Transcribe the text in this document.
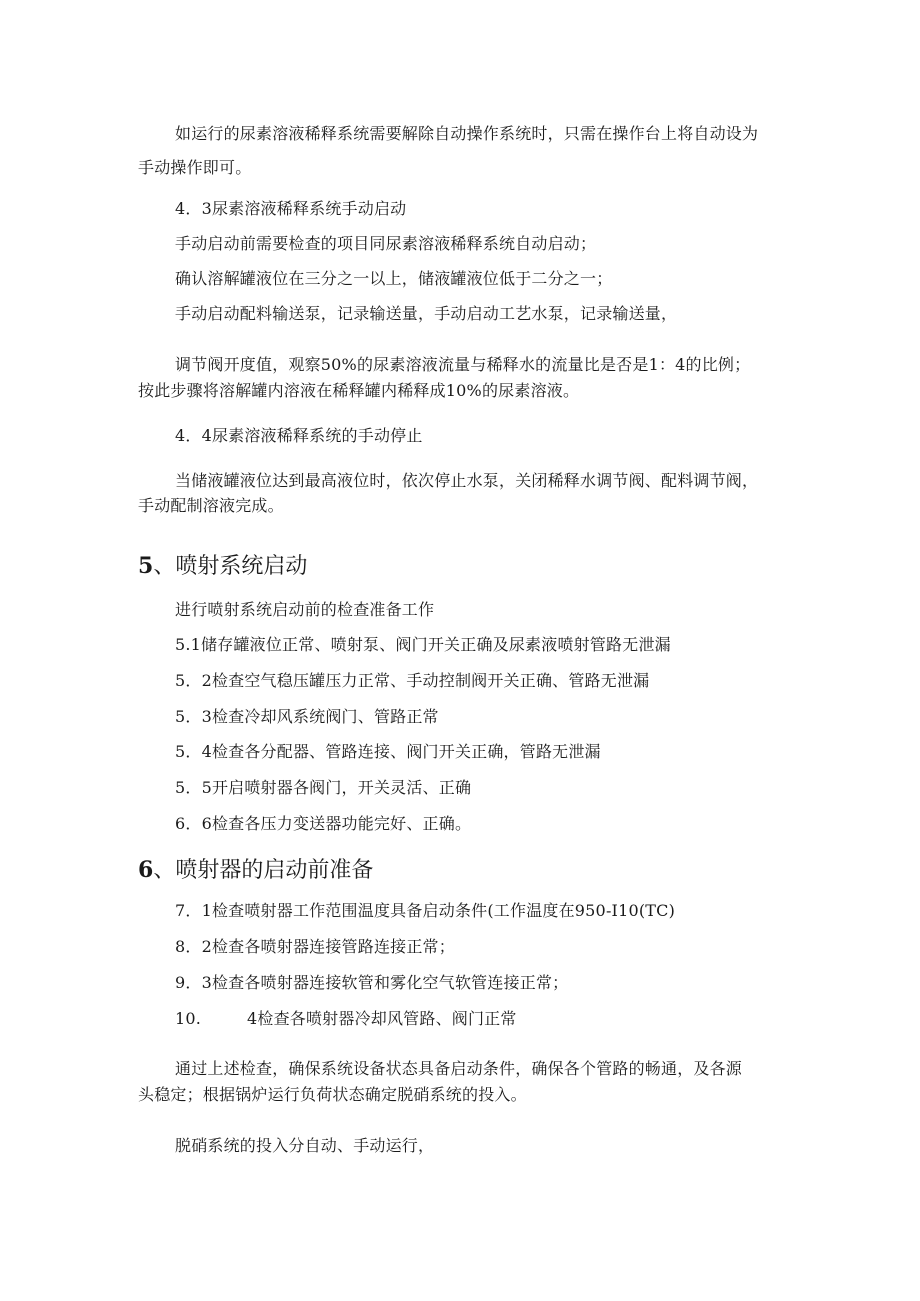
如运行的尿素溶液稀释系统需要解除自动操作系统时，只需在操作台上将自动设为
手动操作即可。
4．3尿素溶液稀释系统手动启动
手动启动前需要检查的项目同尿素溶液稀释系统自动启动；
确认溶解罐液位在三分之一以上，储液罐液位低于二分之一；
手动启动配料输送泵，记录输送量，手动启动工艺水泵，记录输送量，
调节阀开度值，观察50%的尿素溶液流量与稀释水的流量比是否是1：4的比例；
按此步骤将溶解罐内溶液在稀释罐内稀释成10%的尿素溶液。
4．4尿素溶液稀释系统的手动停止
当储液罐液位达到最高液位时，依次停止水泵，关闭稀释水调节阀、配料调节阀，
手动配制溶液完成。
5、喷射系统启动
进行喷射系统启动前的检查准备工作
5.1储存罐液位正常、喷射泵、阀门开关正确及尿素液喷射管路无泄漏
5．2检查空气稳压罐压力正常、手动控制阀开关正确、管路无泄漏
5．3检查冷却风系统阀门、管路正常
5．4检查各分配器、管路连接、阀门开关正确，管路无泄漏
5．5开启喷射器各阀门，开关灵活、正确
6．6检查各压力变送器功能完好、正确。
6、喷射器的启动前准备
7．1检查喷射器工作范围温度具备启动条件(工作温度在950-I10(TC)
8．2检查各喷射器连接管路连接正常；
9．3检查各喷射器连接软管和雾化空气软管连接正常；
10.	4检查各喷射器冷却风管路、阀门正常
通过上述检查，确保系统设备状态具备启动条件，确保各个管路的畅通，及各源
头稳定；根据锅炉运行负荷状态确定脱硝系统的投入。
脱硝系统的投入分自动、手动运行，
